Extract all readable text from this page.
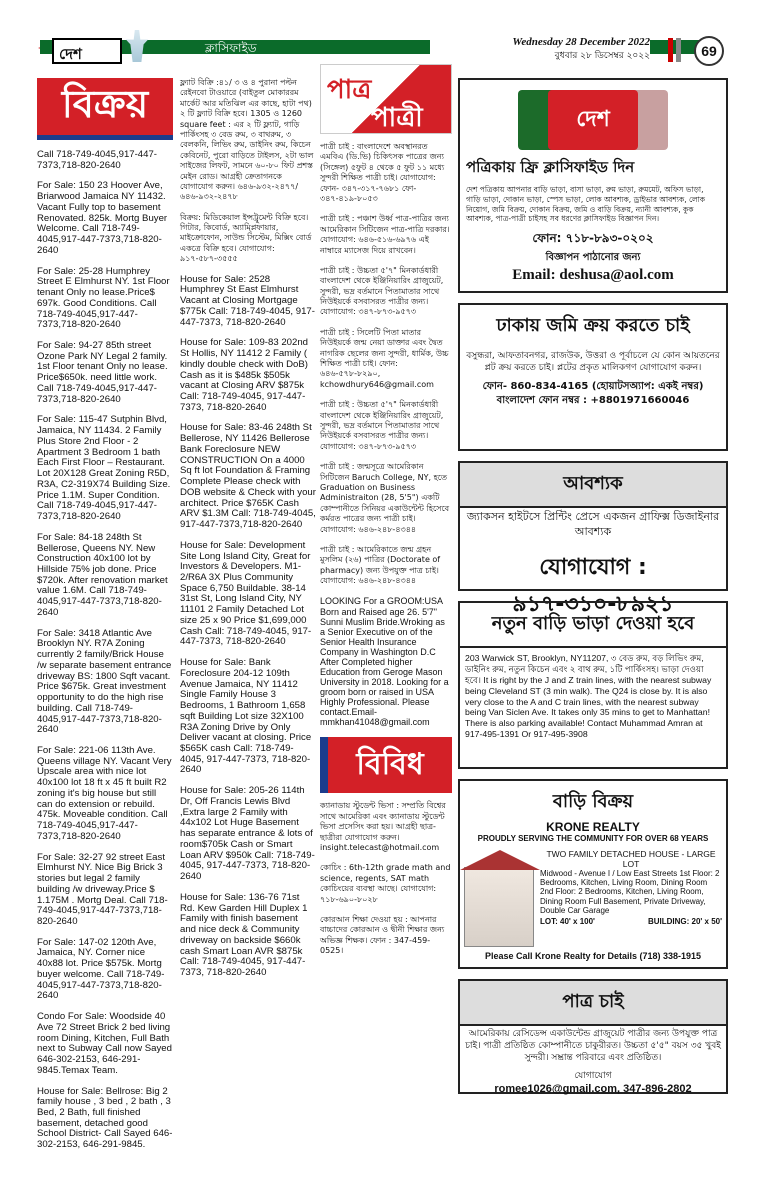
দেশ	ক্লাসিফাইড	Wednesday 28 December 2022
বুধবার ২৮ ডিসেম্বর ২০২২	69
বিক্রয়
Call 718-749-4045,917-447-7373,718-820-2640
For Sale: 150 23 Hoover Ave, Briarwood Jamaica NY 11432. Vacant Fully top to basement Renovated. 825k. Mortg Buyer Welcome. Call 718-749-4045,917-447-7373,718-820-2640
For Sale: 25-28 Humphrey Street E Elmhurst NY. 1st Floor tenant Only no lease.Price$ 697k. Good Conditions. Call 718-749-4045,917-447-7373,718-820-2640
For Sale: 94-27 85th street Ozone Park NY Legal 2 family. 1st Floor tenant Only no lease. Price$650k. need little work. Call 718-749-4045,917-447-7373,718-820-2640
For Sale: 115-47 Sutphin Blvd, Jamaica, NY 11434. 2 Family Plus Store 2nd Floor - 2 Apartment 3 Bedroom 1 bath Each First Floor – Restaurant. Lot 20X128 Great Zoning R5D, R3A, C2-319X74 Building Size. Price 1.1M. Super Condition. Call 718-749-4045,917-447-7373,718-820-2640
For Sale: 84-18 248th St Bellerose, Queens NY. New Construction 40x100 lot by Hillside 75% job done. Price $720k. After renovation market value 1.6M. Call 718-749-4045,917-447-7373,718-820-2640
For Sale: 3418 Atlantic Ave Brooklyn NY. R7A Zoning currently 2 family/Brick House /w separate basement entrance driveway BS: 1800 Sqft vacant. Price $675k. Great investment opportunity to do the high rise building. Call 718-749-4045,917-447-7373,718-820-2640
For Sale: 221-06 113th Ave. Queens village NY. Vacant Very Upscale area with nice lot 40x100 lot 18 ft x 45 ft built R2 zoning it's big house but still can do extension or rebuild. 475k. Moveable condition. Call 718-749-4045,917-447-7373,718-820-2640
For Sale: 32-27 92 street East Elmhurst NY. Nice Big Brick 3 stories but legal 2 family building /w driveway.Price $ 1.175M . Mortg Deal. Call 718-749-4045,917-447-7373,718-820-2640
For Sale: 147-02 120th Ave, Jamaica, NY. Corner nice 40x88 lot. Price $575k. Mortg buyer welcome. Call 718-749-4045,917-447-7373,718-820-2640
Condo For Sale: Woodside 40 Ave 72 Street Brick 2 bed living room Dining, Kitchen, Full Bath next to Subway Call now Sayed 646-302-2153, 646-291-9845.Temax Team.
House for Sale: Bellrose: Big 2 family house , 3 bed , 2 bath , 3 Bed, 2 Bath, full finished basement, detached good School District- Call Sayed 646-302-2153, 646-291-9845.
ফ্ল্যাট বিক্রি :৪১/ ৩ ও ৪ পুরানা পল্টন রেইনবো টাওয়ারে (বাইতুল মোকাররম মার্কেট আর মতিঝিল এর কাছে, হাটা পথ) ২ টি ফ্ল্যাট বিক্রি হবে। 1305 ও 1260 square feet : এর ২ টি ফ্ল্যাট, গাড়ি পার্কিংসহ ৩ বেড রুম, ৩ বাথরুম, ৩ বেলকনি, লিভিং রুম, ডাইনিং রুম, কিচেন কেবিনেট, পুরো বাড়িতে টাইলস, ২টা ভাল সাইজের লিফট, সামনে ৬০-৮০ ফিট প্রশস্ত মেইন রোড। আগ্রহী ক্রেতাগনকে যোগাযোগ করুন। ৬৪৬-৯৩২-২৪৭৭/ ৬৪৬-৯৩২-২৪৭৮
বিক্রয়: মিডিকেয়াল ইন্সট্রুমেন্ট বিক্রি হবে। গিটার, কিবোর্ড, অ্যাম্প্লিফায়ার, মাইক্রোফোন, সাউন্ড সিস্টেম, মিক্সিং বোর্ড একত্রে বিক্রি হবে। যোগাযোগ: ৯১৭-৫৮৭-৩৫৫৫
House for Sale: 2528 Humphrey St East Elmhurst Vacant at Closing Mortgage $775k Call: 718-749-4045, 917-447-7373, 718-820-2640
House for Sale: 109-83 202nd St Hollis, NY 11412 2 Family ( kindly double check with DoB) Cash as it is $485k $505k vacant at Closing ARV $875k Call: 718-749-4045, 917-447-7373, 718-820-2640
House for Sale: 83-46 248th St Bellerose, NY 11426 Bellerose Bank Foreclosure NEW CONSTRUCTION On a 4000 Sq ft lot Foundation & Framing Complete Please check with DOB website & Check with your architect. Price $765K Cash ARV $1.3M Call: 718-749-4045, 917-447-7373,718-820-2640
House for Sale: Development Site Long Island City, Great for Investors & Developers. M1-2/R6A 3X Plus Community Space 6,750 Buildable. 38-14 31st St, Long Island City, NY 11101 2 Family Detached Lot size 25 x 90 Price $1,699,000 Cash Call: 718-749-4045, 917-447-7373, 718-820-2640
House for Sale: Bank Foreclosure 204-12 109th Avenue Jamaica, NY 11412 Single Family House 3 Bedrooms, 1 Bathroom 1,658 sqft Building Lot size 32X100 R3A Zoning Drive by Only Deliver vacant at closing. Price $565K cash Call: 718-749-4045, 917-447-7373, 718-820-2640
House for Sale: 205-26 114th Dr, Off Francis Lewis Blvd ,Extra large 2 Family with 44x102 Lot Huge Basement has separate entrance & lots of room$705k Cash or Smart Loan ARV $950k Call: 718-749-4045, 917-447-7373, 718-820-2640
House for Sale: 136-76 71st Rd. Kew Garden Hill Duplex 1 Family with finish basement and nice deck & Community driveway on backside $660k cash Smart Loan AVR $875k Call: 718-749-4045, 917-447-7373, 718-820-2640
পাত্র
পাত্রী
পাত্রী চাই : বাংলাদেশে অবস্থানরত এমবিএ (ডি.ভি) চিকিৎসক পাত্রের জন্য (সিঙ্গেল) ৫ফুট ৪ থেকে ৫ ফুট ১১ মধ্যে সুন্দরী শিক্ষিত পাত্রী চাই। যোগাযোগ: ফোন- ৩৪৭-৩১৭-৭৬৮১ ফো- ৩৪৭-৪১৯-৮০৫৩
পাত্রী চাই : পঞ্চাশ উর্ধ্ব পাত্র-পাত্রির জন্য আমেরিকান সিটিজেন পাত্র-পাত্রি দরকার। যোগাযোগ: ৬৪৬-৫১৬-৬৯৭৬ এই নাম্বারে ম্যাসেজ দিয়ে রাখবেন।
পাত্রী চাই : উচ্চতা ৫'৭" মিনকার্ডধারী বাংলাদেশ থেকে ইঞ্জিনিয়ারিং গ্রাজুয়েট, সুন্দরী, ভদ্র বর্তমানে পিতামাতার সাথে নিউইয়র্কে বসবাসরত পাত্রীর জন্য। যোগাযোগ: ৩৪৭-৮৭৩-৯৫৭৩
পাত্রী চাই : সিলেটি পিতা মাতার নিউইয়র্কে জন্ম নেয়া ডাক্তার এবং দ্বৈত নাগরিক ছেলের জন্য সুন্দরী, ধার্মিক, উচ্চ শিক্ষিত পাত্রী চাই। ফোন: ৬৪৬-৫৭৮-৮২৯০, kchowdhury646@gmail.com
পাত্রী চাই : উচ্চতা ৫'৭" মিনকার্ডধারী বাংলাদেশ থেকে ইঞ্জিনিয়ারিং গ্রাজুয়েট, সুন্দরী, ভদ্র বর্তমানে পিতামাতার সাথে নিউইয়র্কে বসবাসরত পাত্রীর জন্য। যোগাযোগ: ৩৪৭-৮৭৩-৯৫৭৩
পাত্রী চাই : জন্মসূত্রে আমেরিকান সিটিজেন Baruch College, NY, হতে Graduation on Business Administraiton (28, 5'5") একটি কোম্পানীতে সিনিয়র একাউন্টেন্ট হিসেবে কর্মরত পাত্রের জন্য পাত্রী চাই। যোগাযোগ: ৬৪৬-২৪৮-৪৩৪৪
পাত্রী চাই : আমেরিকাতে জন্ম গ্রহন মুসলিম (২৬) পাত্রির (Doctorate of pharmacy) জন্য উপযুক্ত পাত্র চাই। যোগাযোগ: ৬৪৬-২৪৮-৪৩৪৪
LOOKING For a GROOM:USA Born and Raised age 26. 5'7" Sunni Muslim Bride.Wroking as a Senior Executive on of the Senior Health Insurance Company in Washington D.C After Completed higher Education from Geroge Mason University in 2018. Looking for a groom born or raised in USA Highly Professional. Please contact.Email-mmkhan41048@gmail.com
বিবিধ
ক্যানাডায় স্টুডেন্ট ভিসা : সম্প্রতি বিশ্বের সাথে আমেরিকা এবং ক্যানাডায় স্টুডেন্ট ভিসা প্রসেসিং করা হয়। আগ্রহী ছাত্র-ছাত্রীরা যোগাযোগ করুন। insight.telecast@hotmail.com
কোচিং : 6th-12th grade math and science, regents, SAT math কোচিংয়ের ব্যবস্থা আছে। যোগাযোগ: ৭১৮-৬৯০-৮০২৮
কোরআন শিক্ষা দেওয়া হয় : আপনার বাচ্চাদের কোরআন ও দ্বীনী শিক্ষার জন্য অভিজ্ঞ শিক্ষক। ফোন : 347-459-0525।
দেশ
পত্রিকায় ফ্রি ক্লাসিফাইড দিন
দেশ পত্রিকায় আপনার বাড়ি ভাড়া, বাসা ভাড়া, রুম ভাড়া, রুমমেট, অফিস ভাড়া, গাড়ি ভাড়া, দোকান ভাড়া, স্পেস ভাড়া, লোক আবশ্যক, ড্রাইভার আবশ্যক, লোক নিয়োগ, জমি বিক্রয়, দোকান বিক্রয়, জমি ও বাড়ি বিক্রয়, ন্যানী আবশ্যক, কুক আবশ্যক, পাত্র-পাত্রী চাইসহ সব ধরণের ক্লাসিফাইড বিজ্ঞাপন দিন।
ফোন: ৭১৮-৮৯৩-০২০২
বিজ্ঞাপন পাঠানোর জন্য
Email: deshusa@aol.com
ঢাকায় জমি ক্রয় করতে চাই
বসুন্ধরা, আফতাবনগর, রাজউক, উত্তরা ও পূর্বাচলে যে কোন আয়তনের প্লট ক্রয় করতে চাই। প্লটের প্রকৃত মালিকগণ যোগাযোগ করুন।
ফোন- 860-834-4165 (হোয়াটসঅ্যাপ: একই নম্বর)
বাংলাদেশ ফোন নম্বর : +8801971660046
আবশ্যক
জ্যাকসন হাইটসে প্রিন্টিং প্রেসে একজন গ্রাফিক্স ডিজাইনার আবশ্যক
যোগাযোগ : ৯১৭-৩১০-৮৯২১
নতুন বাড়ি ভাড়া দেওয়া হবে
203 Warwick ST, Brooklyn, NY11207, ৩ বেড রুম, বড় লিভিং রুম, ডাইনিং রুম, নতুন কিচেন এবং ২ বাথ রুম, ১টি পার্কিংসহ। ভাড়া দেওয়া হবে। It is right by the J and Z train lines, with the nearest subway being Cleveland ST (3 min walk). The Q24 is close by. It is also very close to the A and C train lines, with the nearest subway being Van Siclen Ave. It takes only 35 mins to get to Manhattan! There is also parking available! Contact Muhammad Amran at 917-495-1391 Or 917-495-3908
বাড়ি বিক্রয়
KRONE REALTY
PROUDLY SERVING THE COMMUNITY FOR OVER 68 YEARS
TWO FAMILY DETACHED HOUSE - LARGE LOT
Midwood - Avenue I / Low East Streets 1st Floor: 2 Bedrooms, Kitchen, Living Room, Dining Room 2nd Floor: 2 Bedrooms, Kitchen, Living Room, Dining Room Full Basement, Private Driveway, Double Car Garage
LOT: 40' x 100'	BUILDING: 20' x 50'
Please Call Krone Realty for Details (718) 338-1915
পাত্র চাই
আমেরিকায় রেসিডেন্স একাউন্টেন্ড গ্রাজুয়েট পাত্রীর জন্য উপযুক্ত পাত্র চাই। পাত্রী প্রতিষ্ঠিত কোম্পানীতে চাকুরীরত। উচ্চতা ৫'৫" বয়স ৩৫ খুবই সুন্দরী। সম্ভ্রান্ত পরিবারে এবং প্রতিষ্ঠিত।
যোগাযোগ
romee1026@gmail.com, 347-896-2802
